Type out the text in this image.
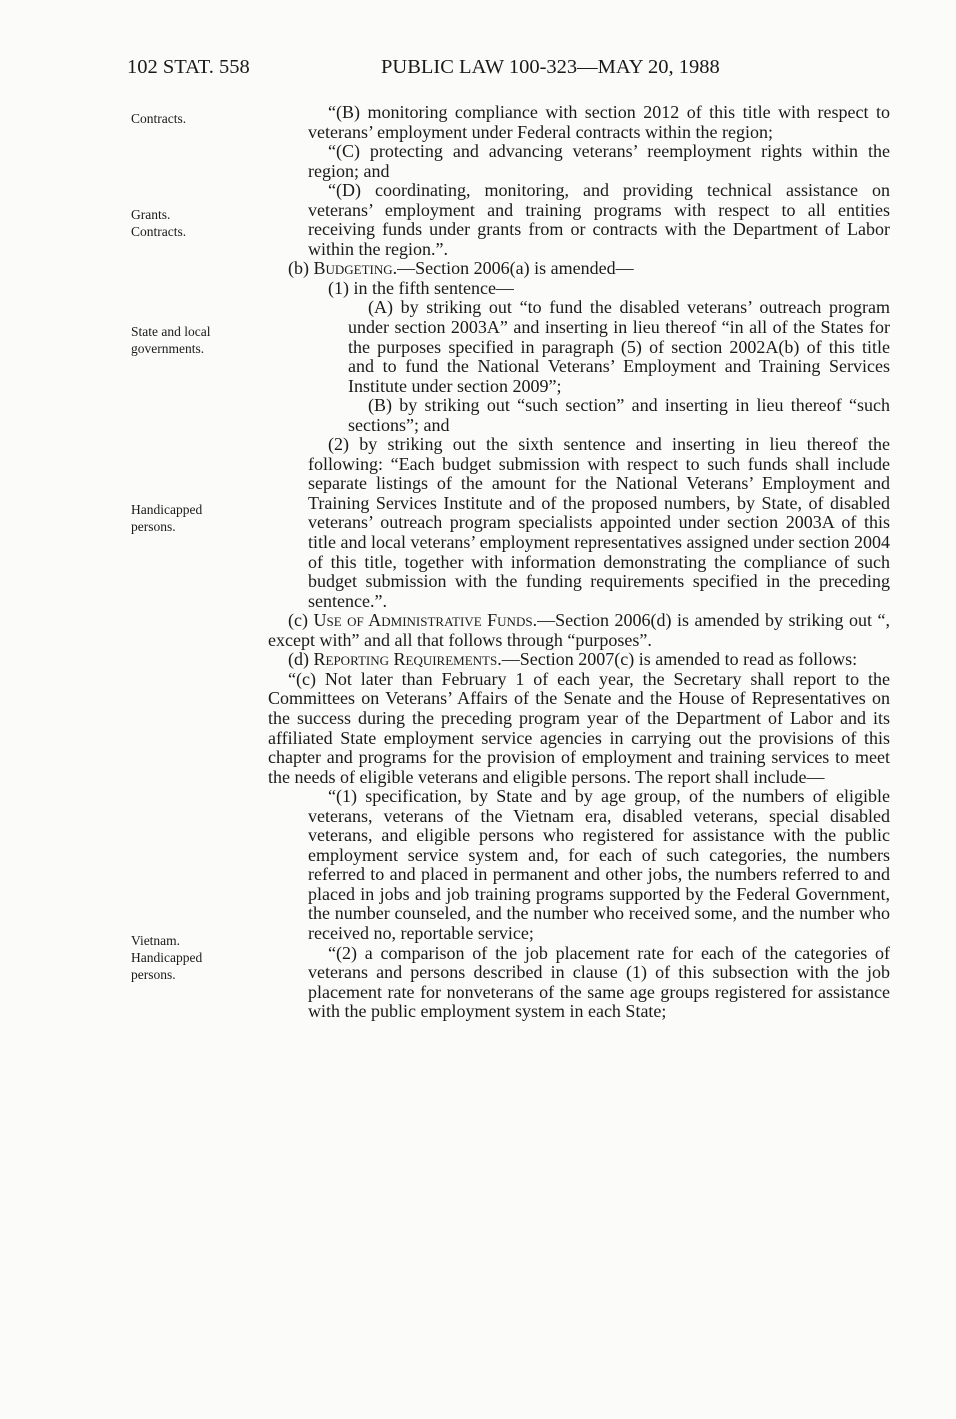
102 STAT. 558	PUBLIC LAW 100-323—MAY 20, 1988
Contracts.
Grants.
Contracts.
State and local
governments.
Handicapped
persons.
Vietnam.
Handicapped
persons.

“(B) monitoring compliance with section 2012 of this title with respect to veterans’ employment under Federal contracts within the region;

“(C) protecting and advancing veterans’ reemployment rights within the region; and

“(D) coordinating, monitoring, and providing technical assistance on veterans’ employment and training programs with respect to all entities receiving funds under grants from or contracts with the Department of Labor within the region.”.

(b) Budgeting.—Section 2006(a) is amended—

(1) in the fifth sentence—

(A) by striking out “to fund the disabled veterans’ outreach program under section 2003A” and inserting in lieu thereof “in all of the States for the purposes specified in paragraph (5) of section 2002A(b) of this title and to fund the National Veterans’ Employment and Training Services Institute under section 2009”;

(B) by striking out “such section” and inserting in lieu thereof “such sections”; and

(2) by striking out the sixth sentence and inserting in lieu thereof the following: “Each budget submission with respect to such funds shall include separate listings of the amount for the National Veterans’ Employment and Training Services Institute and of the proposed numbers, by State, of disabled veterans’ outreach program specialists appointed under section 2003A of this title and local veterans’ employment representatives assigned under section 2004 of this title, together with information demonstrating the compliance of such budget submission with the funding requirements specified in the preceding sentence.”.

(c) Use of Administrative Funds.—Section 2006(d) is amended by striking out “, except with” and all that follows through “purposes”.

(d) Reporting Requirements.—Section 2007(c) is amended to read as follows:

“(c) Not later than February 1 of each year, the Secretary shall report to the Committees on Veterans’ Affairs of the Senate and the House of Representatives on the success during the preceding program year of the Department of Labor and its affiliated State employment service agencies in carrying out the provisions of this chapter and programs for the provision of employment and training services to meet the needs of eligible veterans and eligible persons. The report shall include—

“(1) specification, by State and by age group, of the numbers of eligible veterans, veterans of the Vietnam era, disabled veterans, special disabled veterans, and eligible persons who registered for assistance with the public employment service system and, for each of such categories, the numbers referred to and placed in permanent and other jobs, the numbers referred to and placed in jobs and job training programs supported by the Federal Government, the number counseled, and the number who received some, and the number who received no, reportable service;

“(2) a comparison of the job placement rate for each of the categories of veterans and persons described in clause (1) of this subsection with the job placement rate for nonveterans of the same age groups registered for assistance with the public employment system in each State;
